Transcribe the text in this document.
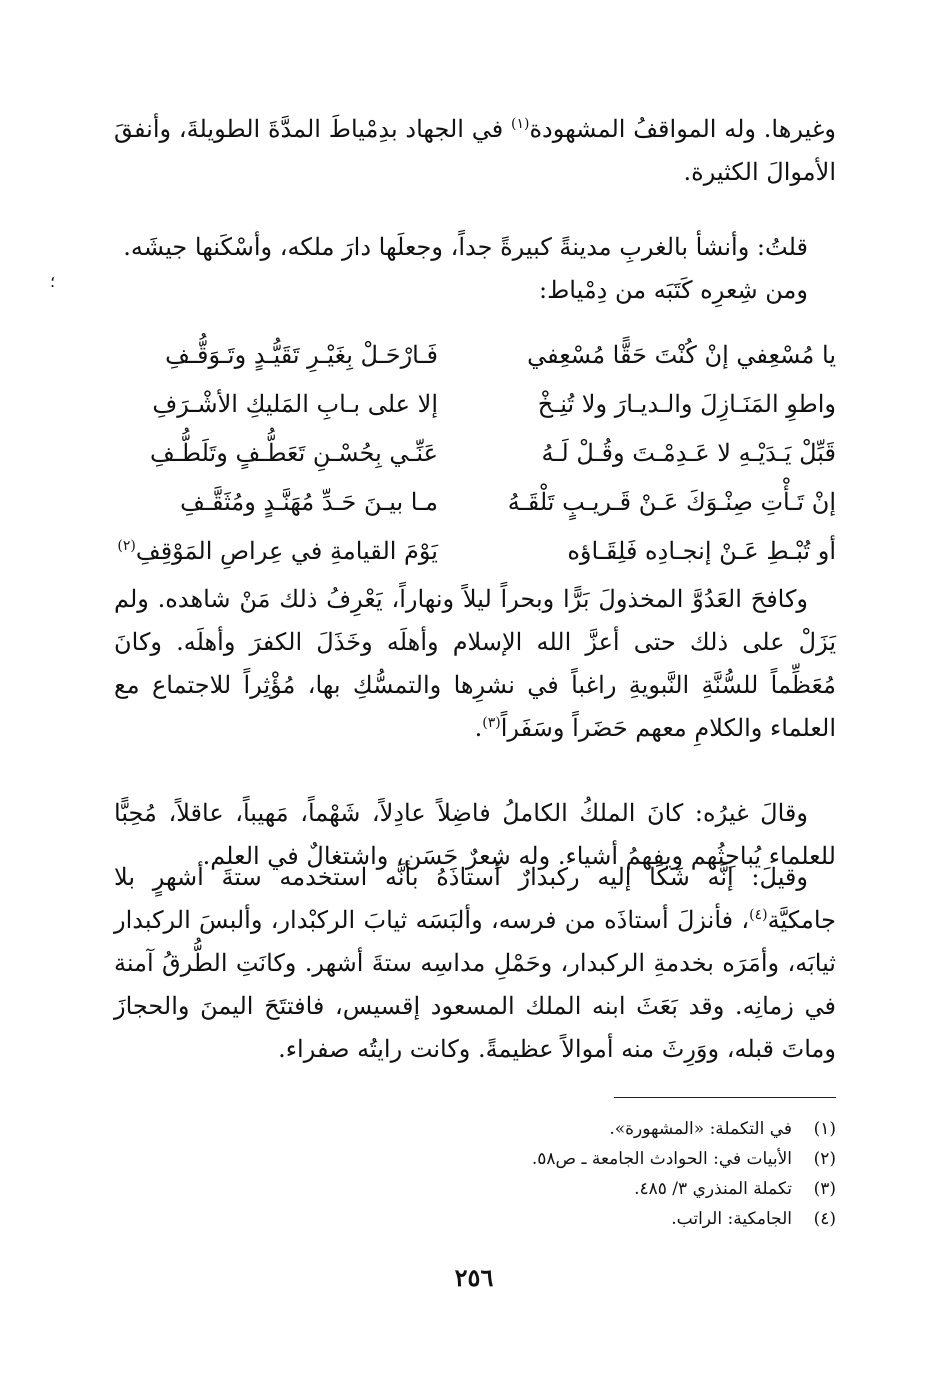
وغيرها. وله المواقفُ المشهودة$^{(١)}$ في الجهاد بدِمْياطَ المدَّةَ الطويلةَ، وأنفقَ الأموالَ الكثيرة.
قلتُ: وأنشأ بالغربِ مدينةً كبيرةً جداً، وجعلَها دارَ ملكه، وأسْكَنها جيشَه.
ومن شِعرِه كَتَبَه من دِمْياط:
؛
يا مُسْعِفي إنْ كُنْتَ حَقًّا مُسْعِفي
فَـارْحَـلْ بِغَيْـرِ تَقَيُّـدٍ وتَـوَقُّـفِ
واطوِ المَنَـازِلَ والـديـارَ ولا تُنِـخْ
إلا على بـابِ المَليكِ الأشْـرَفِ
قَبِّلْ يَـدَيْـهِ لا عَـدِمْـتَ وقُـلْ لَـهُ
عَنِّـي بِحُسْـنِ تَعَطُّـفٍ وتَلَطُّـفِ
إنْ تَـأْتِ صِنْـوَكَ عَـنْ قَـريـبٍ تَلْقَـهُ
مـا بيـنَ حَـدِّ مُهَنَّـدٍ ومُثَقَّـفِ
أو تُبْـطِ عَـنْ إنجـادِه فَلِقَـاؤه
يَوْمَ القيامةِ في عِراصِ المَوْقِفِ$^{(٢)}$
وكافحَ العَدُوَّ المخذولَ بَرًّا وبحراً ليلاً ونهاراً، يَعْرِفُ ذلك مَنْ شاهده. ولم يَزَلْ على ذلك حتى أعزَّ الله الإسلام وأهلَه وخَذَلَ الكفرَ وأهلَه. وكانَ مُعَظِّماً للسُّنَّةِ النَّبويةِ راغباً في نشرِها والتمسُّكِ بها، مُؤْثِراً للاجتماع مع العلماء والكلامِ معهم حَضَراً وسَفَراً$^{(٣)}$.
وقالَ غيرُه: كانَ الملكُ الكاملُ فاضِلاً عادِلاً، شَهْماً، مَهيباً، عاقلاً، مُحِبًّا للعلماء يُباحِثُهم ويفهمُ أشياء. وله شِعرٌ حَسَن، واشتغالٌ في العلم.
وقيلَ: إنَّه شَكَا إليه ركبدارٌ أستاذَهُ بأنَّه استخدمه ستةَ أشهرٍ بلا جامكيَّة$^{(٤)}$، فأنزلَ أستاذَه من فرسه، وألبَسَه ثيابَ الركبْدار، وألبسَ الركبدار ثيابَه، وأمَرَه بخدمةِ الركبدار، وحَمْلِ مداسِه ستةَ أشهر. وكانَتِ الطُّرقُ آمنة في زمانِه. وقد بَعَثَ ابنه الملك المسعود إقسيس، فافتتَحَ اليمنَ والحجازَ وماتَ قبله، ووَرِثَ منه أموالاً عظيمةً. وكانت رايتُه صفراء.
(١)في التكملة: «المشهورة».
(٢)الأبيات في: الحوادث الجامعة ـ ص٥٨.
(٣)تكملة المنذري ٣/ ٤٨٥.
(٤)الجامكية: الراتب.
٢٥٦
